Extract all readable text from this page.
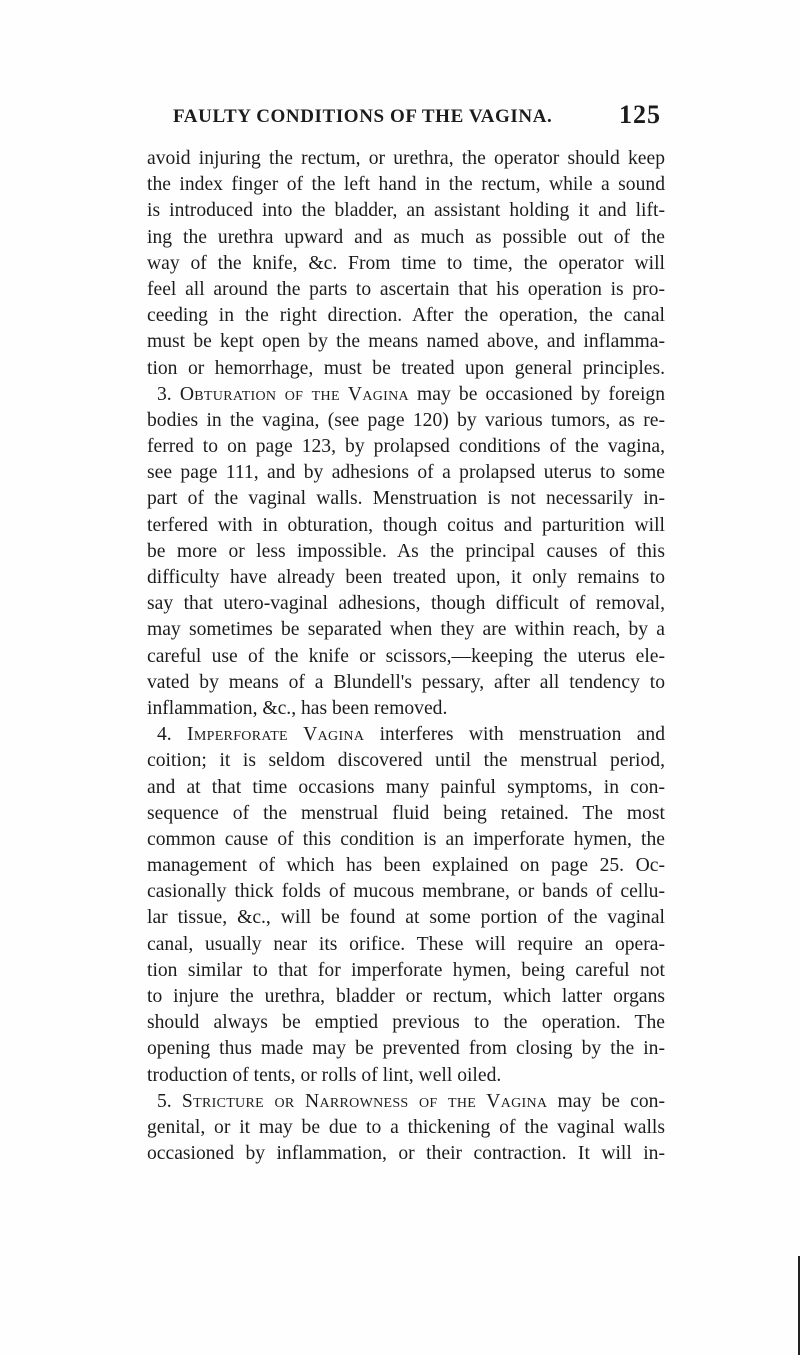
FAULTY CONDITIONS OF THE VAGINA.	125
avoid injuring the rectum, or urethra, the operator should keep
the index finger of the left hand in the rectum, while a sound
is introduced into the bladder, an assistant holding it and lift-
ing the urethra upward and as much as possible out of the
way of the knife, &c. From time to time, the operator will
feel all around the parts to ascertain that his operation is pro-
ceeding in the right direction. After the operation, the canal
must be kept open by the means named above, and inflamma-
tion or hemorrhage, must be treated upon general principles.
3. Obturation of the Vagina may be occasioned by foreign
bodies in the vagina, (see page 120) by various tumors, as re-
ferred to on page 123, by prolapsed conditions of the vagina,
see page 111, and by adhesions of a prolapsed uterus to some
part of the vaginal walls. Menstruation is not necessarily in-
terfered with in obturation, though coitus and parturition will
be more or less impossible. As the principal causes of this
difficulty have already been treated upon, it only remains to
say that utero-vaginal adhesions, though difficult of removal,
may sometimes be separated when they are within reach, by a
careful use of the knife or scissors,—keeping the uterus ele-
vated by means of a Blundell's pessary, after all tendency to
inflammation, &c., has been removed.
4. Imperforate Vagina interferes with menstruation and
coition; it is seldom discovered until the menstrual period,
and at that time occasions many painful symptoms, in con-
sequence of the menstrual fluid being retained. The most
common cause of this condition is an imperforate hymen, the
management of which has been explained on page 25. Oc-
casionally thick folds of mucous membrane, or bands of cellu-
lar tissue, &c., will be found at some portion of the vaginal
canal, usually near its orifice. These will require an opera-
tion similar to that for imperforate hymen, being careful not
to injure the urethra, bladder or rectum, which latter organs
should always be emptied previous to the operation. The
opening thus made may be prevented from closing by the in-
troduction of tents, or rolls of lint, well oiled.
5. Stricture or Narrowness of the Vagina may be con-
genital, or it may be due to a thickening of the vaginal walls
occasioned by inflammation, or their contraction. It will in-
